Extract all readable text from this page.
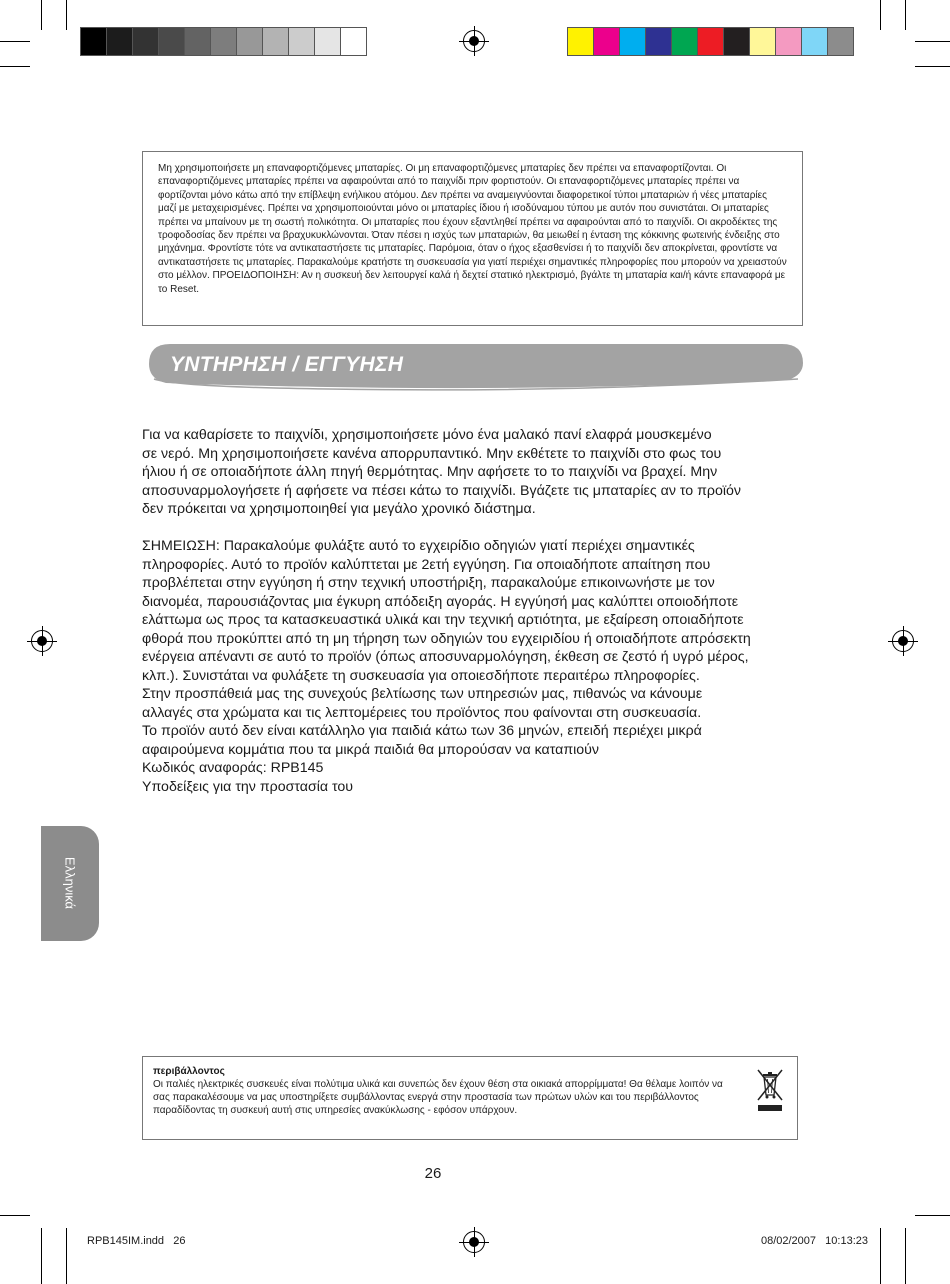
Μη χρησιμοποιήσετε μη επαναφορτιζόμενες μπαταρίες. Οι μη επαναφορτιζόμενες μπαταρίες δεν πρέπει να επαναφορτίζονται. Οι επαναφορτιζόμενες μπαταρίες πρέπει να αφαιρούνται από το παιχνίδι πριν φορτιστούν. Οι επαναφορτιζόμενες μπαταρίες πρέπει να φορτίζονται μόνο κάτω από την επίβλεψη ενήλικου ατόμου. Δεν πρέπει να αναμειγνύονται διαφορετικοί τύποι μπαταριών ή νέες μπαταρίες μαζί με μεταχειρισμένες. Πρέπει να χρησιμοποιούνται μόνο οι μπαταρίες ίδιου ή ισοδύναμου τύπου με αυτόν που συνιστάται. Οι μπαταρίες πρέπει να μπαίνουν με τη σωστή πολικότητα. Οι μπαταρίες που έχουν εξαντληθεί πρέπει να αφαιρούνται από το παιχνίδι. Οι ακροδέκτες της τροφοδοσίας δεν πρέπει να βραχυκυκλώνονται. Όταν πέσει η ισχύς των μπαταριών, θα μειωθεί η ένταση της κόκκινης φωτεινής ένδειξης στο μηχάνημα. Φροντίστε τότε να αντικαταστήσετε τις μπαταρίες. Παρόμοια, όταν ο ήχος εξασθενίσει ή το παιχνίδι δεν αποκρίνεται, φροντίστε να αντικαταστήσετε τις μπαταρίες. Παρακαλούμε κρατήστε τη συσκευασία για γιατί περιέχει σημαντικές πληροφορίες που μπορούν να χρειαστούν στο μέλλον. ΠΡΟΕΙΔΟΠΟΙΗΣΗ: Αν η συσκευή δεν λειτουργεί καλά ή δεχτεί στατικό ηλεκτρισμό, βγάλτε τη μπαταρία και/ή κάντε επαναφορά με το Reset.

ΥΝΤΗΡΗΣΗ / ΕΓΓΥΗΣΗ
Για να καθαρίσετε το παιχνίδι, χρησιμοποιήσετε μόνο ένα μαλακό πανί ελαφρά μουσκεμένο
σε νερό. Μη χρησιμοποιήσετε κανένα απορρυπαντικό. Μην εκθέτετε το παιχνίδι στο φως του
ήλιου ή σε οποιαδήποτε άλλη πηγή θερμότητας. Μην αφήσετε το το παιχνίδι να βραχεί. Μην
αποσυναρμολογήσετε ή αφήσετε να πέσει κάτω το παιχνίδι. Βγάζετε τις μπαταρίες αν το προϊόν
δεν πρόκειται να χρησιμοποιηθεί για μεγάλο χρονικό διάστημα.
ΣΗΜΕΙΩΣΗ: Παρακαλούμε φυλάξτε αυτό το εγχειρίδιο οδηγιών γιατί περιέχει σημαντικές
πληροφορίες. Αυτό το προϊόν καλύπτεται με 2ετή εγγύηση. Για οποιαδήποτε απαίτηση που
προβλέπεται στην εγγύηση ή στην τεχνική υποστήριξη, παρακαλούμε επικοινωνήστε με τον
διανομέα, παρουσιάζοντας μια έγκυρη απόδειξη αγοράς. Η εγγύησή μας καλύπτει οποιοδήποτε
ελάττωμα ως προς τα κατασκευαστικά υλικά και την τεχνική αρτιότητα, με εξαίρεση οποιαδήποτε
φθορά που προκύπτει από τη μη τήρηση των οδηγιών του εγχειριδίου ή οποιαδήποτε απρόσεκτη
ενέργεια απέναντι σε αυτό το προϊόν (όπως αποσυναρμολόγηση, έκθεση σε ζεστό ή υγρό μέρος,
κλπ.). Συνιστάται να φυλάξετε τη συσκευασία για οποιεσδήποτε περαιτέρω πληροφορίες.
Στην προσπάθειά μας της συνεχούς βελτίωσης των υπηρεσιών μας, πιθανώς να κάνουμε
αλλαγές στα χρώματα και τις λεπτομέρειες του προϊόντος που φαίνονται στη συσκευασία.
Το προϊόν αυτό δεν είναι κατάλληλο για παιδιά κάτω των 36 μηνών, επειδή περιέχει μικρά
αφαιρούμενα κομμάτια που τα μικρά παιδιά θα μπορούσαν να καταπιούν
Κωδικός αναφοράς: RPB145
Υποδείξεις για την προστασία του
Ελληνικά
περιβάλλοντος

Οι παλιές ηλεκτρικές συσκευές είναι πολύτιμα υλικά και συνεπώς δεν έχουν θέση στα οικιακά απορρίμματα! Θα θέλαμε λοιπόν να σας παρακαλέσουμε να μας υποστηρίξετε συμβάλλοντας ενεργά στην προστασία των πρώτων υλών και του περιβάλλοντος παραδίδοντας τη συσκευή αυτή στις υπηρεσίες ανακύκλωσης - εφόσον υπάρχουν.

26
RPB145IM.indd   26	08/02/2007   10:13:23
